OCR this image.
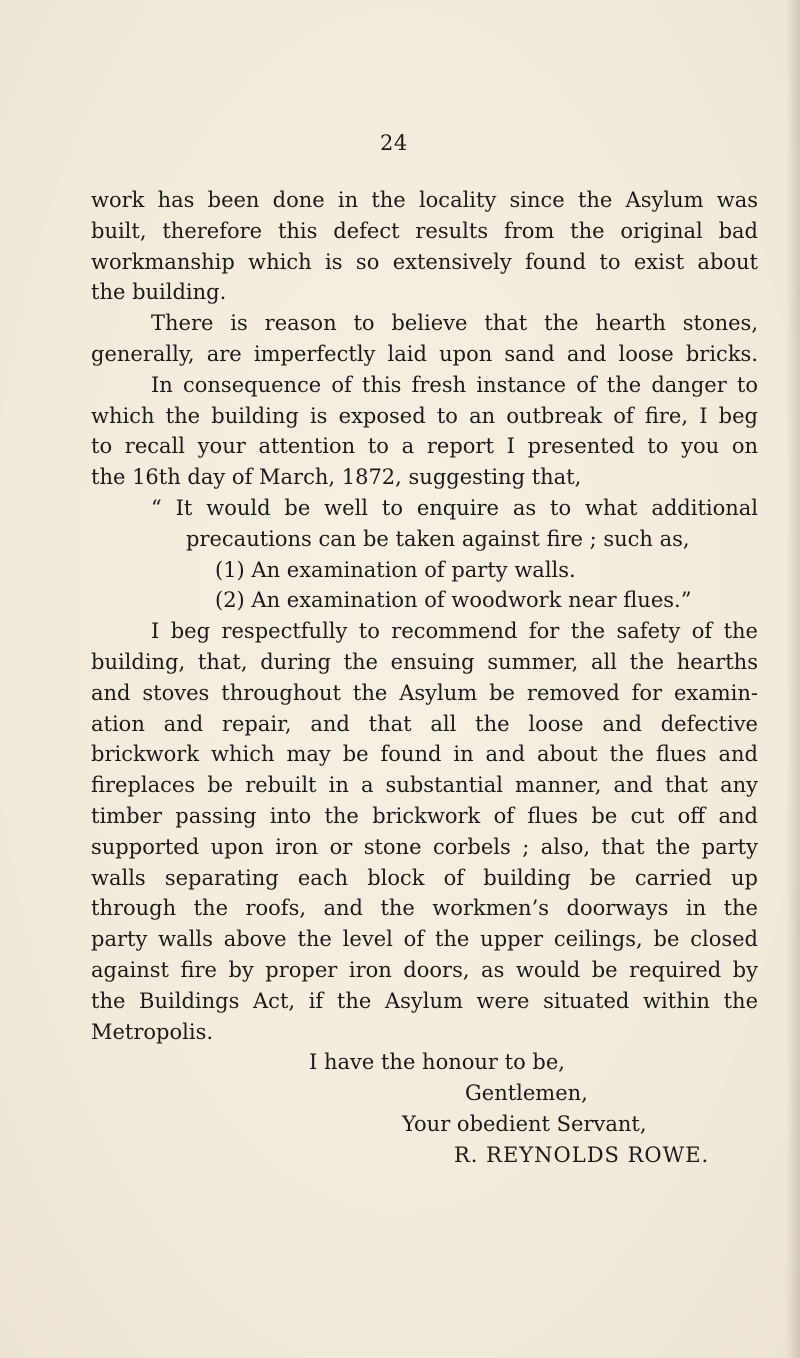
24
work has been done in the locality since the Asylum was
built, therefore this defect results from the original bad
workmanship which is so extensively found to exist about
the building.
There is reason to believe that the hearth stones,
generally, are imperfectly laid upon sand and loose bricks.
In consequence of this fresh instance of the danger to
which the building is exposed to an outbreak of fire, I beg
to recall your attention to a report I presented to you on
the 16th day of March, 1872, suggesting that,
“ It would be well to enquire as to what additional
precautions can be taken against fire ; such as,
(1) An examination of party walls.
(2) An examination of woodwork near flues.”
I beg respectfully to recommend for the safety of the
building, that, during the ensuing summer, all the hearths
and stoves throughout the Asylum be removed for examin-
ation and repair, and that all the loose and defective
brickwork which may be found in and about the flues and
fireplaces be rebuilt in a substantial manner, and that any
timber passing into the brickwork of flues be cut off and
supported upon iron or stone corbels ; also, that the party
walls separating each block of building be carried up
through the roofs, and the workmen’s doorways in the
party walls above the level of the upper ceilings, be closed
against fire by proper iron doors, as would be required by
the Buildings Act, if the Asylum were situated within the
Metropolis.
I have the honour to be,
Gentlemen,
Your obedient Servant,
R. REYNOLDS ROWE.
